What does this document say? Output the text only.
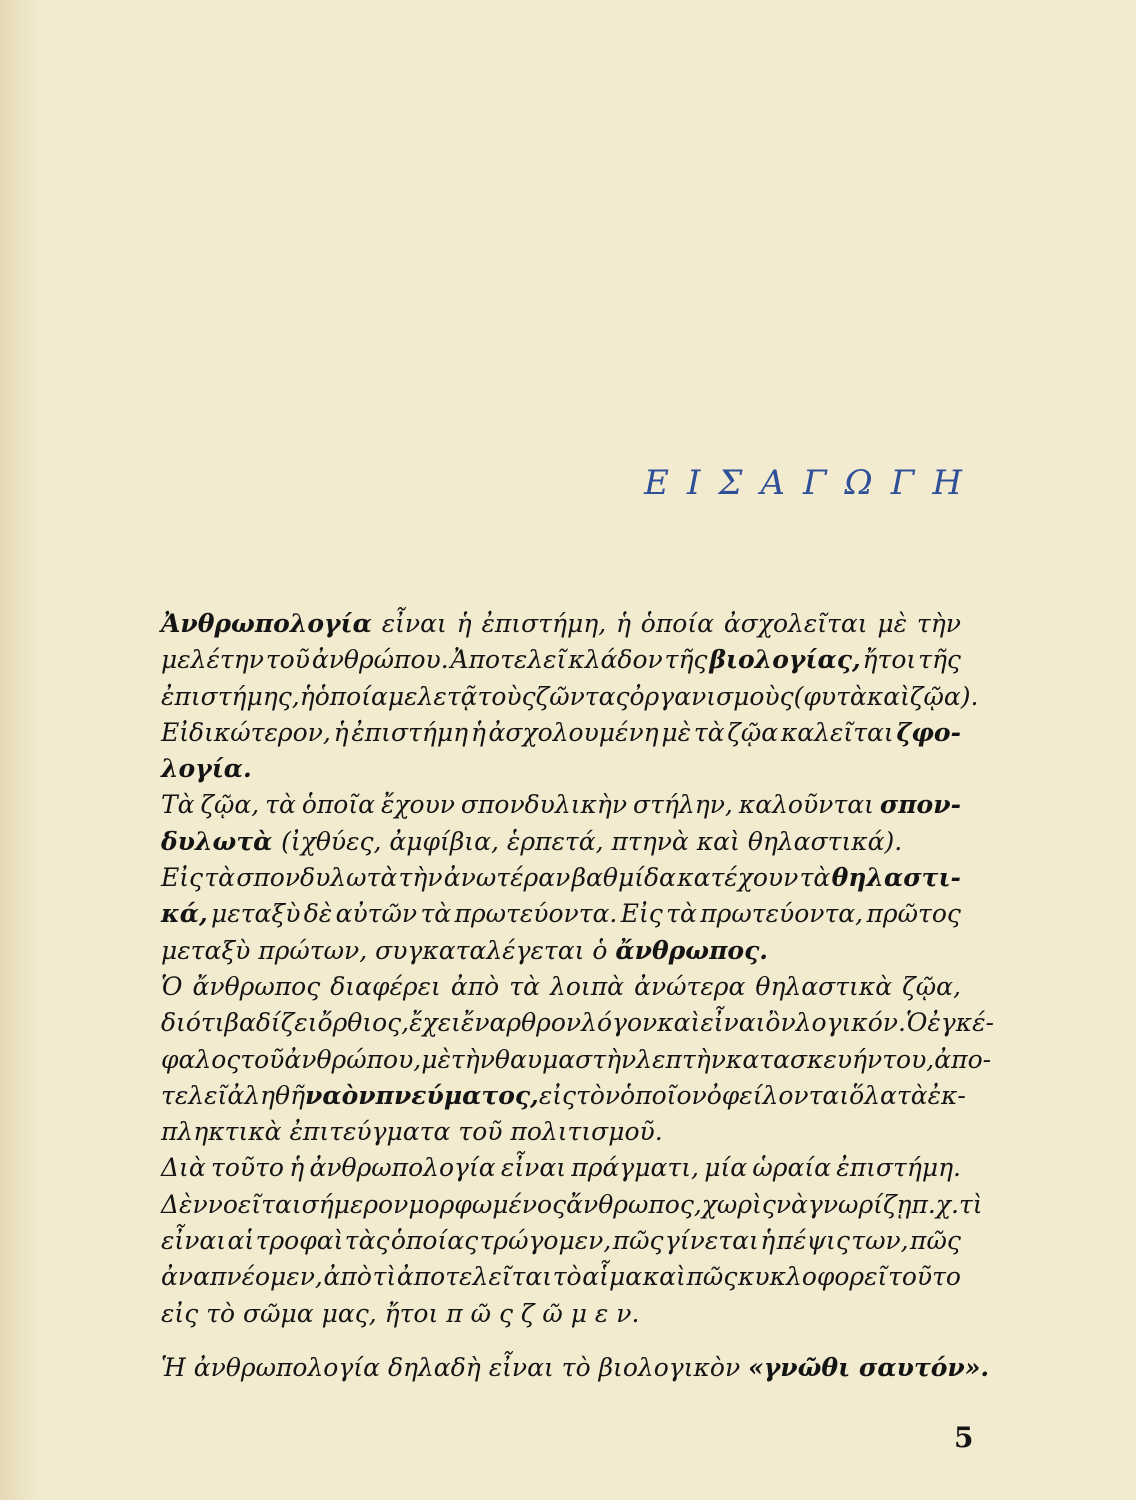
ΕΙΣΑΓΩΓΗ
Ἀνθρωπολογία εἶναι ἡ ἐπιστήμη, ἡ ὁποία ἀσχολεῖται μὲ τὴν
μελέτην τοῦ ἀνθρώπου. Ἀποτελεῖ κλάδον τῆς βιολογίας, ἤτοι τῆς
ἐπιστήμης, ἡ ὁποία μελετᾷ τοὺς ζῶντας ὀργανισμοὺς (φυτὰ καὶ ζῷα).
Εἰδικώτερον, ἡ ἐπιστήμη ἡ ἀσχολουμένη μὲ τὰ ζῷα καλεῖται ζφο-
λογία.
Τὰ ζῷα, τὰ ὁποῖα ἔχουν σπονδυλικὴν στήλην, καλοῦνται σπον-
δυλωτὰ (ἰχθύες, ἀμφίβια, ἑρπετά, πτηνὰ καὶ θηλαστικά).
Εἰς τὰ σπονδυλωτὰ τὴν ἀνωτέραν βαθμίδα κατέχουν τὰ θηλαστι-
κά, μεταξὺ δὲ αὐτῶν τὰ πρωτεύοντα. Εἰς τὰ πρωτεύοντα, πρῶτος
μεταξὺ πρώτων, συγκαταλέγεται ὁ ἄνθρωπος.
Ὁ ἄνθρωπος διαφέρει ἀπὸ τὰ λοιπὰ ἀνώτερα θηλαστικὰ ζῷα,
διότι βαδίζει ὄρθιος, ἔχει ἔναρθρον λόγον καὶ εἶναι ὂν λογικόν. Ὁ ἐγκέ-
φαλος τοῦ ἀνθρώπου, μὲ τὴν θαυμαστὴν λεπτὴν κατασκευήν του, ἀπο-
τελεῖ ἀληθῆ ναὸν πνεύματος, εἰς τὸν ὁποῖον ὀφείλονται ὅλα τὰ ἐκ-
πληκτικὰ ἐπιτεύγματα τοῦ πολιτισμοῦ.
Διὰ τοῦτο ἡ ἀνθρωπολογία εἶναι πράγματι, μία ὡραία ἐπιστήμη.
Δὲν νοεῖται σήμερον μορφωμένος ἄνθρωπος, χωρὶς νὰ γνωρίζῃ π.χ. τὶ
εἶναι αἱ τροφαὶ τὰς ὁποίας τρώγομεν, πῶς γίνεται ἡ πέψις των, πῶς
ἀναπνέομεν, ἀπὸ τὶ ἀποτελεῖται τὸ αἷμα καὶ πῶς κυκλοφορεῖ τοῦτο
εἰς τὸ σῶμα μας, ἤτοι π ῶ ς ζ ῶ μ ε ν.
Ἡ ἀνθρωπολογία δηλαδὴ εἶναι τὸ βιολογικὸν «γνῶθι σαυτόν».
5
